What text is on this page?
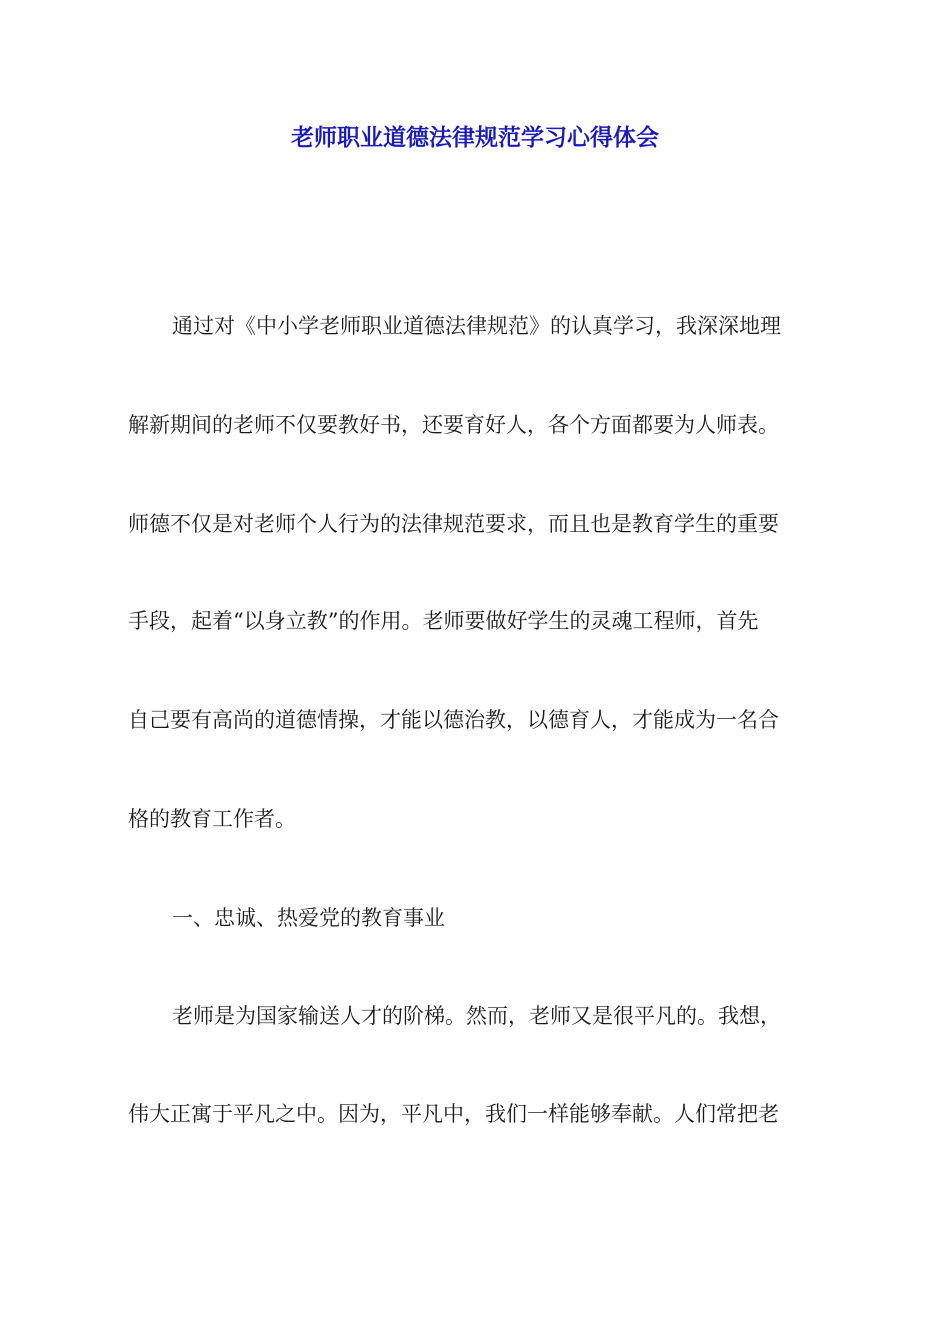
老师职业道德法律规范学习心得体会

通过对《中小学老师职业道德法律规范》的认真学习，我深深地理

解新期间的老师不仅要教好书，还要育好人，各个方面都要为人师表。

师德不仅是对老师个人行为的法律规范要求，而且也是教育学生的重要

手段，起着“以身立教”的作用。老师要做好学生的灵魂工程师，首先

自己要有高尚的道德情操，才能以德治教，以德育人，才能成为一名合

格的教育工作者。

一、忠诚、热爱党的教育事业

老师是为国家输送人才的阶梯。然而，老师又是很平凡的。我想，

伟大正寓于平凡之中。因为，平凡中，我们一样能够奉献。人们常把老
